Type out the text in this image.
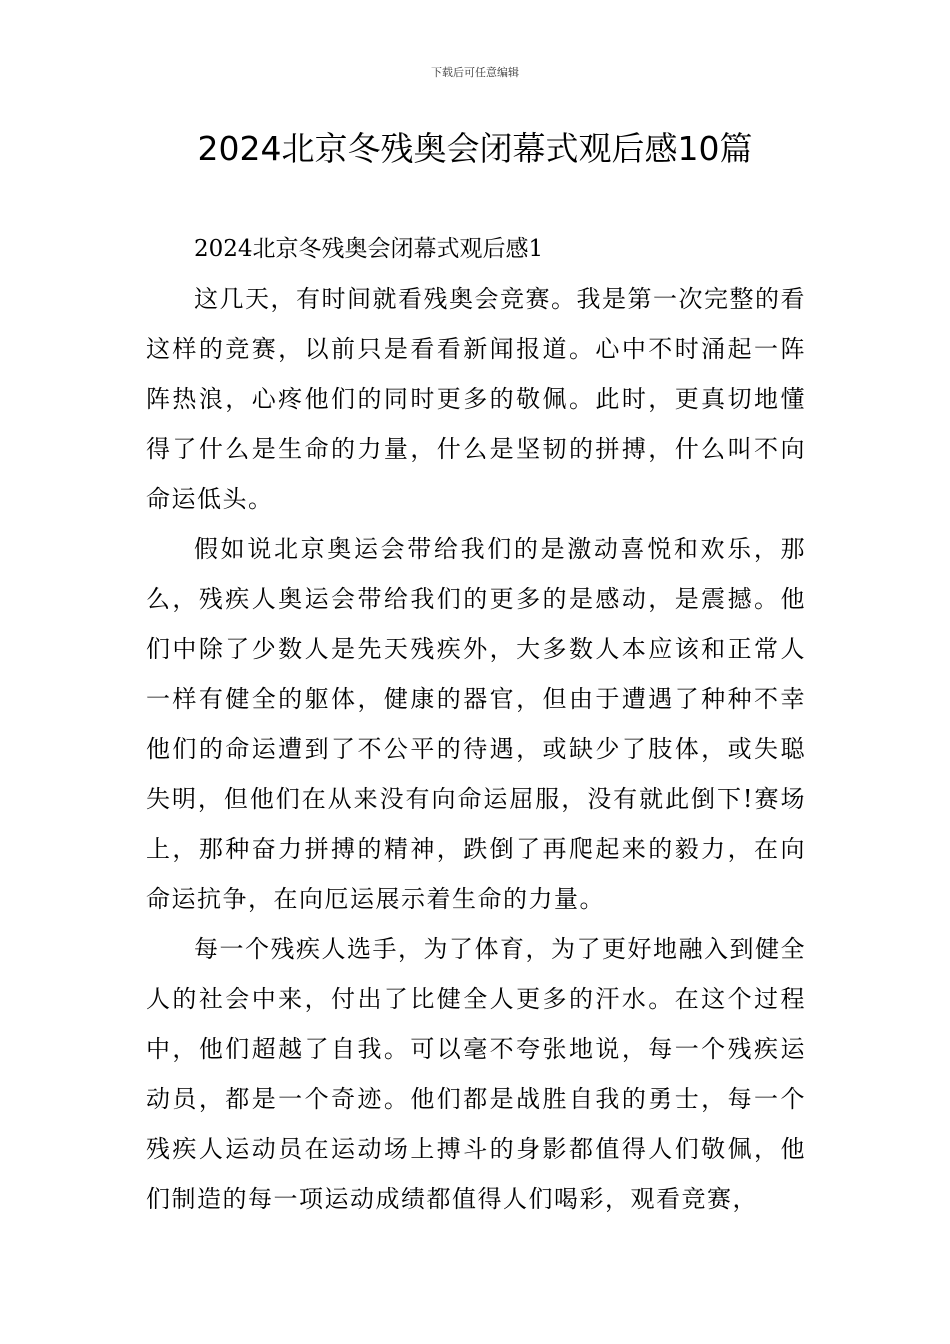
下载后可任意编辑
2024北京冬残奥会闭幕式观后感10篇

2024北京冬残奥会闭幕式观后感1

这几天，有时间就看残奥会竞赛。我是第一次完整的看这样的竞赛，以前只是看看新闻报道。心中不时涌起一阵阵热浪，心疼他们的同时更多的敬佩。此时，更真切地懂得了什么是生命的力量，什么是坚韧的拼搏，什么叫不向命运低头。

假如说北京奥运会带给我们的是激动喜悦和欢乐，那么，残疾人奥运会带给我们的更多的是感动，是震撼。他们中除了少数人是先天残疾外，大多数人本应该和正常人一样有健全的躯体，健康的器官，但由于遭遇了种种不幸他们的命运遭到了不公平的待遇，或缺少了肢体，或失聪失明，但他们在从来没有向命运屈服，没有就此倒下!赛场上，那种奋力拼搏的精神，跌倒了再爬起来的毅力，在向命运抗争，在向厄运展示着生命的力量。

每一个残疾人选手，为了体育，为了更好地融入到健全人的社会中来，付出了比健全人更多的汗水。在这个过程中，他们超越了自我。可以毫不夸张地说，每一个残疾运动员，都是一个奇迹。他们都是战胜自我的勇士，每一个残疾人运动员在运动场上搏斗的身影都值得人们敬佩，他们制造的每一项运动成绩都值得人们喝彩，观看竞赛，
